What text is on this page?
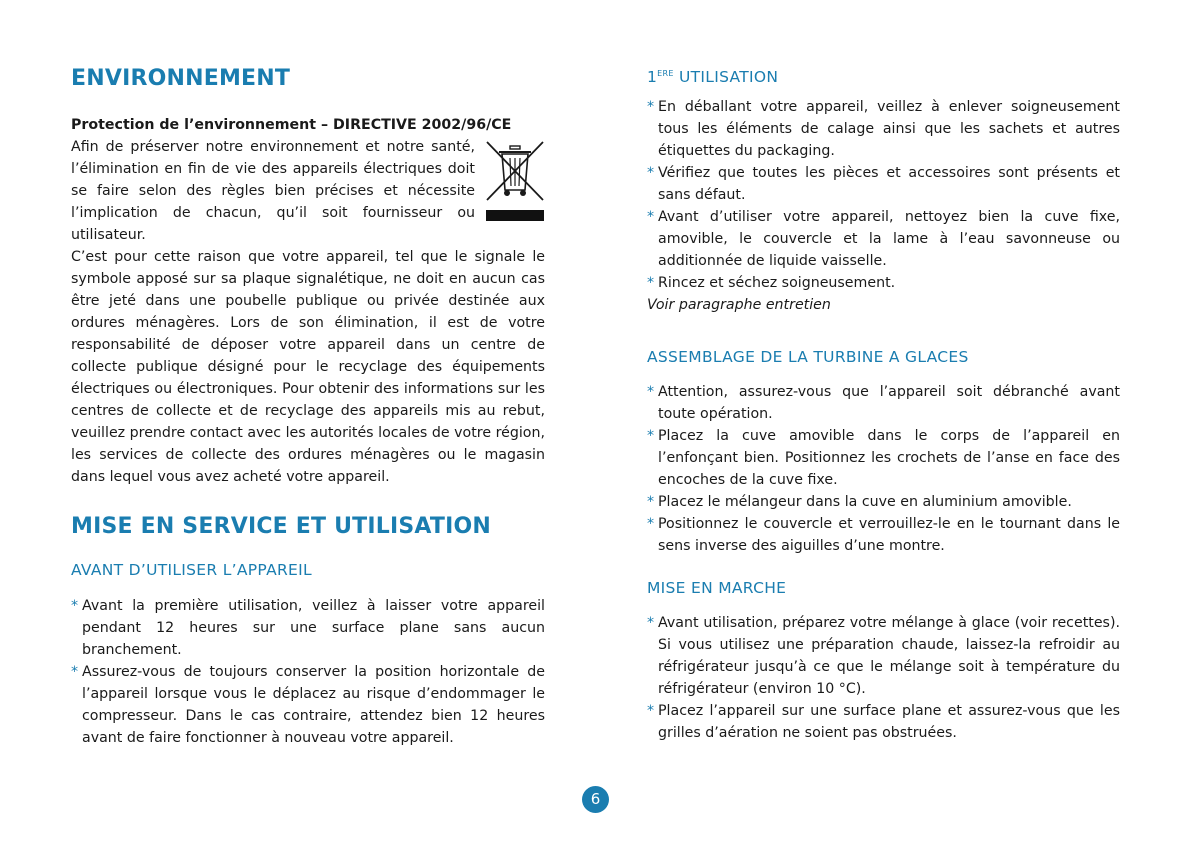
ENVIRONNEMENT

Protection de l’environnement – DIRECTIVE 2002/96/CE

Afin de préserver notre environnement et notre santé, l’élimination en fin de vie des appareils électriques doit se faire selon des règles bien précises et nécessite l’implication de chacun, qu’il soit fournisseur ou utilisateur.

C’est pour cette raison que votre appareil, tel que le signale le symbole apposé sur sa plaque signalétique, ne doit en aucun cas être jeté dans une poubelle publique ou privée destinée aux ordures ménagères. Lors de son élimination, il est de votre responsabilité de déposer votre appareil dans un centre de collecte publique désigné pour le recyclage des équipements électriques ou électroniques. Pour obtenir des informations sur les centres de collecte et de recyclage des appareils mis au rebut, veuillez prendre contact avec les autorités locales de votre région, les services de collecte des ordures ménagères ou le magasin dans lequel vous avez acheté votre appareil.

MISE EN SERVICE ET UTILISATION
AVANT D’UTILISER L’APPAREIL
* Avant la première utilisation, veillez à laisser votre appareil pendant 12 heures sur une surface plane sans aucun branchement.
* Assurez-vous de toujours conserver la position horizontale de l’appareil lorsque vous le déplacez au risque d’endommager le compresseur. Dans le cas contraire, attendez bien 12 heures avant de faire fonctionner à nouveau votre appareil.
1ERE UTILISATION
* En déballant votre appareil, veillez à enlever soigneusement tous les éléments de calage ainsi que les sachets et autres étiquettes du packaging.
* Vérifiez que toutes les pièces et accessoires sont présents et sans défaut.
* Avant d’utiliser votre appareil, nettoyez bien la cuve fixe, amovible, le couvercle et la lame à l’eau savonneuse ou additionnée de liquide vaisselle.
* Rincez et séchez soigneusement.

Voir paragraphe entretien

ASSEMBLAGE DE LA TURBINE A GLACES
* Attention, assurez-vous que l’appareil soit débranché avant toute opération.
* Placez la cuve amovible dans le corps de l’appareil en l’enfonçant bien. Positionnez les crochets de l’anse en face des encoches de la cuve fixe.
* Placez le mélangeur dans la cuve en aluminium amovible.
* Positionnez le couvercle et verrouillez-le en le tournant dans le sens inverse des aiguilles d’une montre.
MISE EN MARCHE
* Avant utilisation, préparez votre mélange à glace (voir recettes). Si vous utilisez une préparation chaude, laissez-la refroidir au réfrigérateur jusqu’à ce que le mélange soit à température du réfrigérateur (environ 10 °C).
* Placez l’appareil sur une surface plane et assurez-vous que les grilles d’aération ne soient pas obstruées.
6
